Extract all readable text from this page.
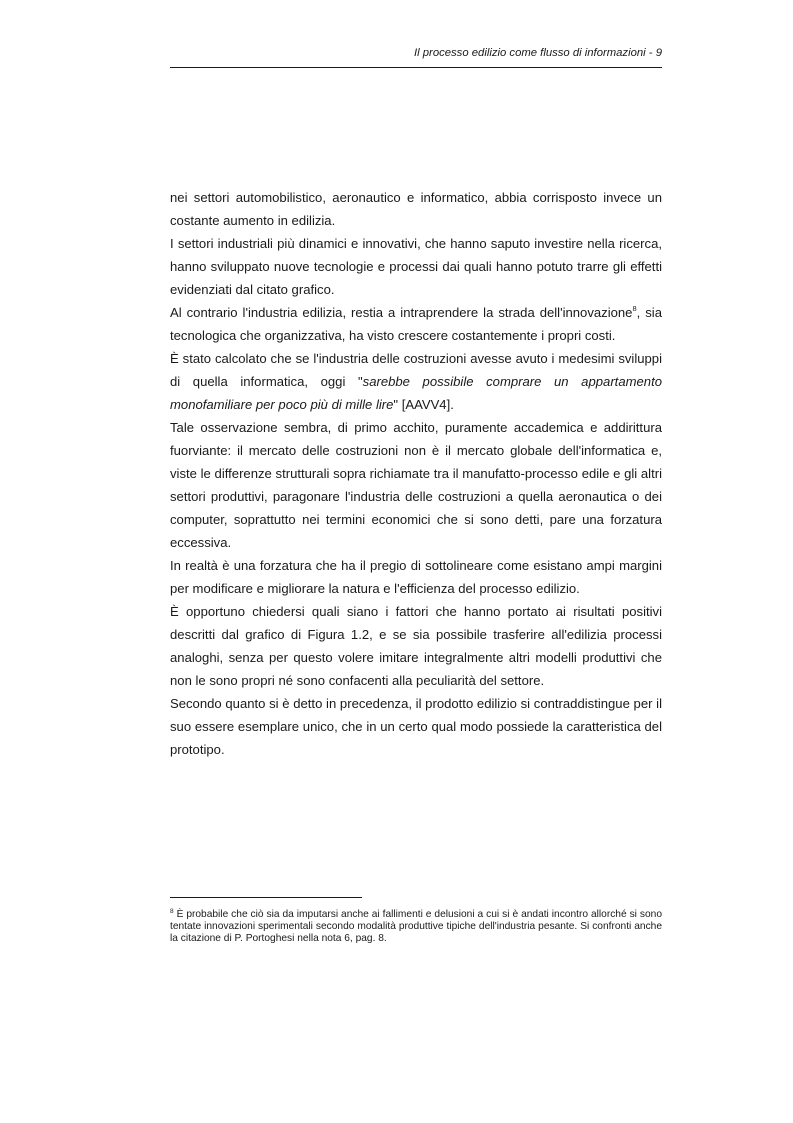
Il processo edilizio come flusso di informazioni - 9

nei settori automobilistico, aeronautico e informatico, abbia corrisposto invece un costante aumento in edilizia.

I settori industriali più dinamici e innovativi, che hanno saputo investire nella ricerca, hanno sviluppato nuove tecnologie e processi dai quali hanno potuto trarre gli effetti evidenziati dal citato grafico.

Al contrario l'industria edilizia, restia a intraprendere la strada dell'innovazione$^8$, sia tecnologica che organizzativa, ha visto crescere costantemente i propri costi.

È stato calcolato che se l'industria delle costruzioni avesse avuto i medesimi sviluppi di quella informatica, oggi "sarebbe possibile comprare un appartamento monofamiliare per poco più di mille lire" [AAVV4].

Tale osservazione sembra, di primo acchito, puramente accademica e addirittura fuorviante: il mercato delle costruzioni non è il mercato globale dell'informatica e, viste le differenze strutturali sopra richiamate tra il manufatto-processo edile e gli altri settori produttivi, paragonare l'industria delle costruzioni a quella aeronautica o dei computer, soprattutto nei termini economici che si sono detti, pare una forzatura eccessiva.

In realtà è una forzatura che ha il pregio di sottolineare come esistano ampi margini per modificare e migliorare la natura e l'efficienza del processo edilizio.

È opportuno chiedersi quali siano i fattori che hanno portato ai risultati positivi descritti dal grafico di Figura 1.2, e se sia possibile trasferire all'edilizia processi analoghi, senza per questo volere imitare integralmente altri modelli produttivi che non le sono propri né sono confacenti alla peculiarità del settore.

Secondo quanto si è detto in precedenza, il prodotto edilizio si contraddistingue per il suo essere esemplare unico, che in un certo qual modo possiede la caratteristica del prototipo.

$^8$ È probabile che ciò sia da imputarsi anche ai fallimenti e delusioni a cui si è andati incontro allorché si sono tentate innovazioni sperimentali secondo modalità produttive tipiche dell'industria pesante. Si confronti anche la citazione di P. Portoghesi nella nota 6, pag. 8.
